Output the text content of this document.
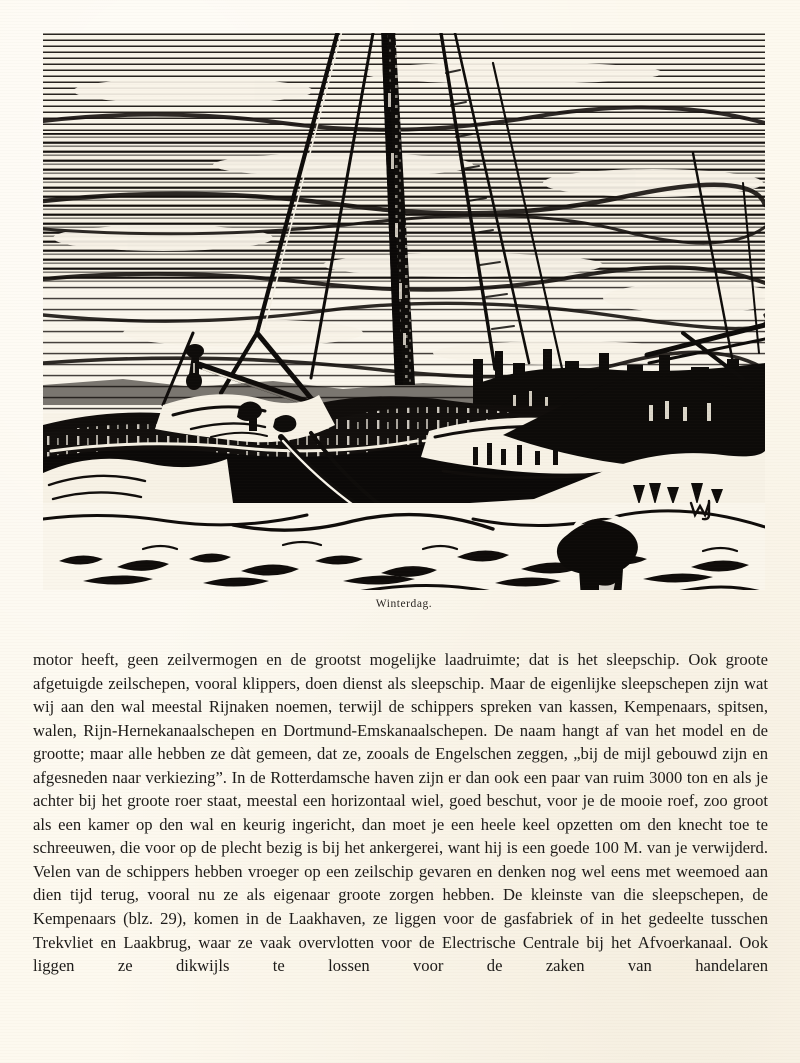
Winterdag.

motor heeft, geen zeilvermogen en de grootst mogelijke laadruimte; dat is het sleepschip. Ook groote afgetuigde zeilschepen, vooral klippers, doen dienst als sleepschip. Maar de eigenlijke sleepschepen zijn wat wij aan den wal meestal Rijnaken noemen, terwijl de schippers spreken van kassen, Kempenaars, spitsen, walen, Rijn-Hernekanaalschepen en Dortmund-Emskanaalschepen. De naam hangt af van het model en de grootte; maar alle hebben ze dàt gemeen, dat ze, zooals de Engelschen zeggen, „bij de mijl gebouwd zijn en afgesneden naar verkiezing”. In de Rotterdamsche haven zijn er dan ook een paar van ruim 3000 ton en als je achter bij het groote roer staat, meestal een horizontaal wiel, goed beschut, voor je de mooie roef, zoo groot als een kamer op den wal en keurig ingericht, dan moet je een heele keel opzetten om den knecht toe te schreeuwen, die voor op de plecht bezig is bij het ankergerei, want hij is een goede 100 M. van je verwijderd. Velen van de schippers hebben vroeger op een zeilschip gevaren en denken nog wel eens met weemoed aan dien tijd terug, vooral nu ze als eigenaar groote zorgen hebben. De kleinste van die sleepschepen, de Kempenaars (blz. 29), komen in de Laakhaven, ze liggen voor de gasfabriek of in het gedeelte tusschen Trekvliet en Laakbrug, waar ze vaak overvlotten voor de Electrische Centrale bij het Afvoerkanaal. Ook liggen ze dikwijls te lossen voor de zaken van handelaren
